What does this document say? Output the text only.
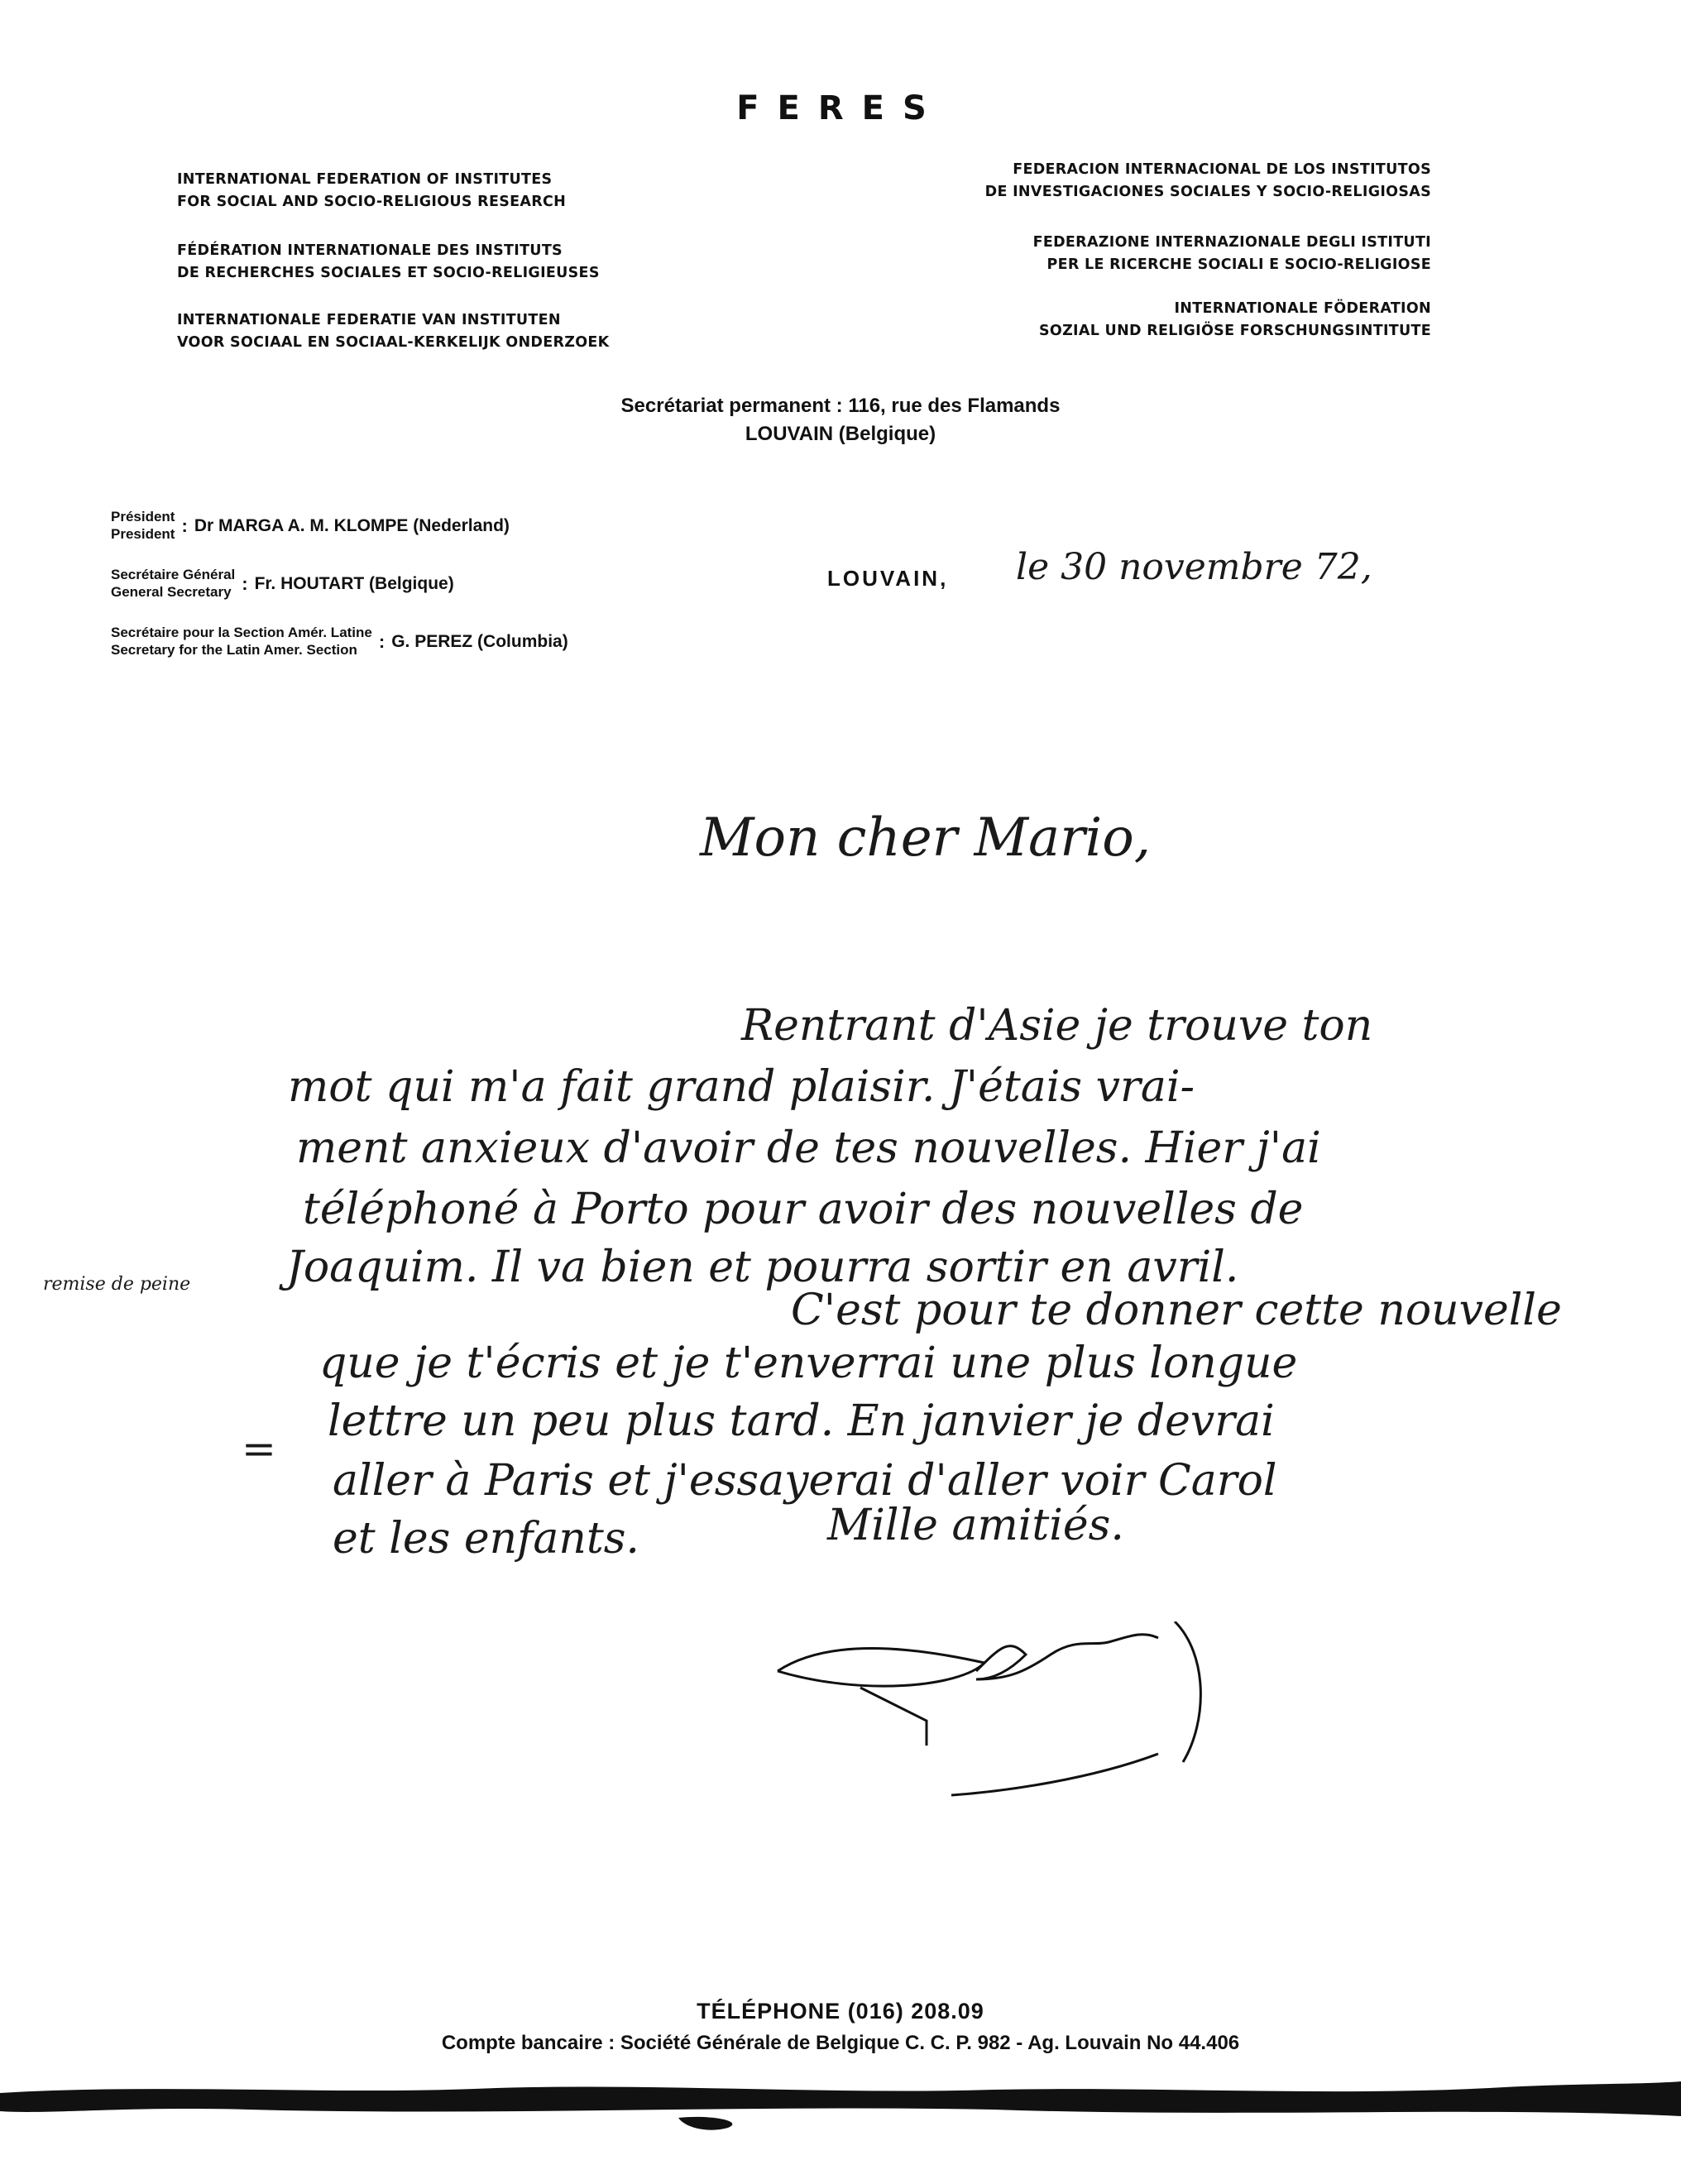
FERES
INTERNATIONAL FEDERATION OF INSTITUTES
FOR SOCIAL AND SOCIO-RELIGIOUS RESEARCH
FÉDÉRATION INTERNATIONALE DES INSTITUTS
DE RECHERCHES SOCIALES ET SOCIO-RELIGIEUSES
INTERNATIONALE FEDERATIE VAN INSTITUTEN
VOOR SOCIAAL EN SOCIAAL-KERKELIJK ONDERZOEK
FEDERACION INTERNACIONAL DE LOS INSTITUTOS
DE INVESTIGACIONES SOCIALES Y SOCIO-RELIGIOSAS
FEDERAZIONE INTERNAZIONALE DEGLI ISTITUTI
PER LE RICERCHE SOCIALI E SOCIO-RELIGIOSE
INTERNATIONALE FÖDERATION
SOZIAL UND RELIGIÖSE FORSCHUNGSINTITUTE
Secrétariat permanent : 116, rue des Flamands
LOUVAIN (Belgique)
Président
President : Dr MARGA A. M. KLOMPE (Nederland)
Secrétaire Général
General Secretary : Fr. HOUTART (Belgique)
Secrétaire pour la Section Amér. Latine
Secretary for the Latin Amer. Section	: G. PEREZ (Columbia)
LOUVAIN, le 30 novembre 72,
Mon cher Mario,
Rentrant d'Asie je trouve ton
mot qui m'a fait grand plaisir. J'étais vrai-
ment anxieux d'avoir de tes nouvelles. Hier j'ai
téléphoné à Porto pour avoir des nouvelles de
Joaquim. Il va bien et pourra sortir en avril.
C'est pour te donner cette nouvelle
que je t'écris et je t'enverrai une plus longue
lettre un peu plus tard. En janvier je devrai
aller à Paris et j'essayerai d'aller voir Carol
et les enfants.	Mille amitiés.
remise de peine
=
TÉLÉPHONE (016) 208.09
Compte bancaire : Société Générale de Belgique C. C. P. 982 - Ag. Louvain No 44.406
